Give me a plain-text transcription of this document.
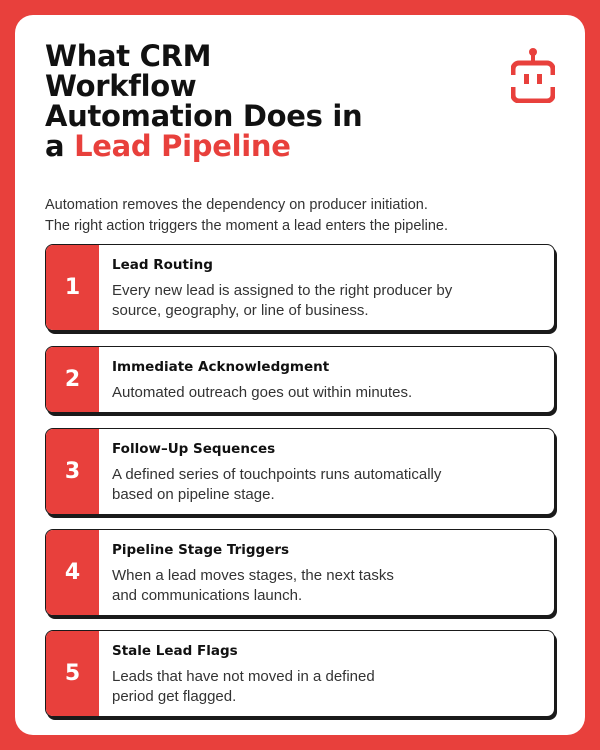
What CRM
Workflow
Automation Does in
a Lead Pipeline

Automation removes the dependency on producer initiation.
The right action triggers the moment a lead enters the pipeline.

1
Lead Routing
Every new lead is assigned to the right producer by
source, geography, or line of business.
2	Immediate Acknowledgment
Automated outreach goes out within minutes.
3
Follow–Up Sequences
A defined series of touchpoints runs automatically
based on pipeline stage.
4
Pipeline Stage Triggers
When a lead moves stages, the next tasks
and communications launch.
5
Stale Lead Flags
Leads that have not moved in a defined
period get flagged.
